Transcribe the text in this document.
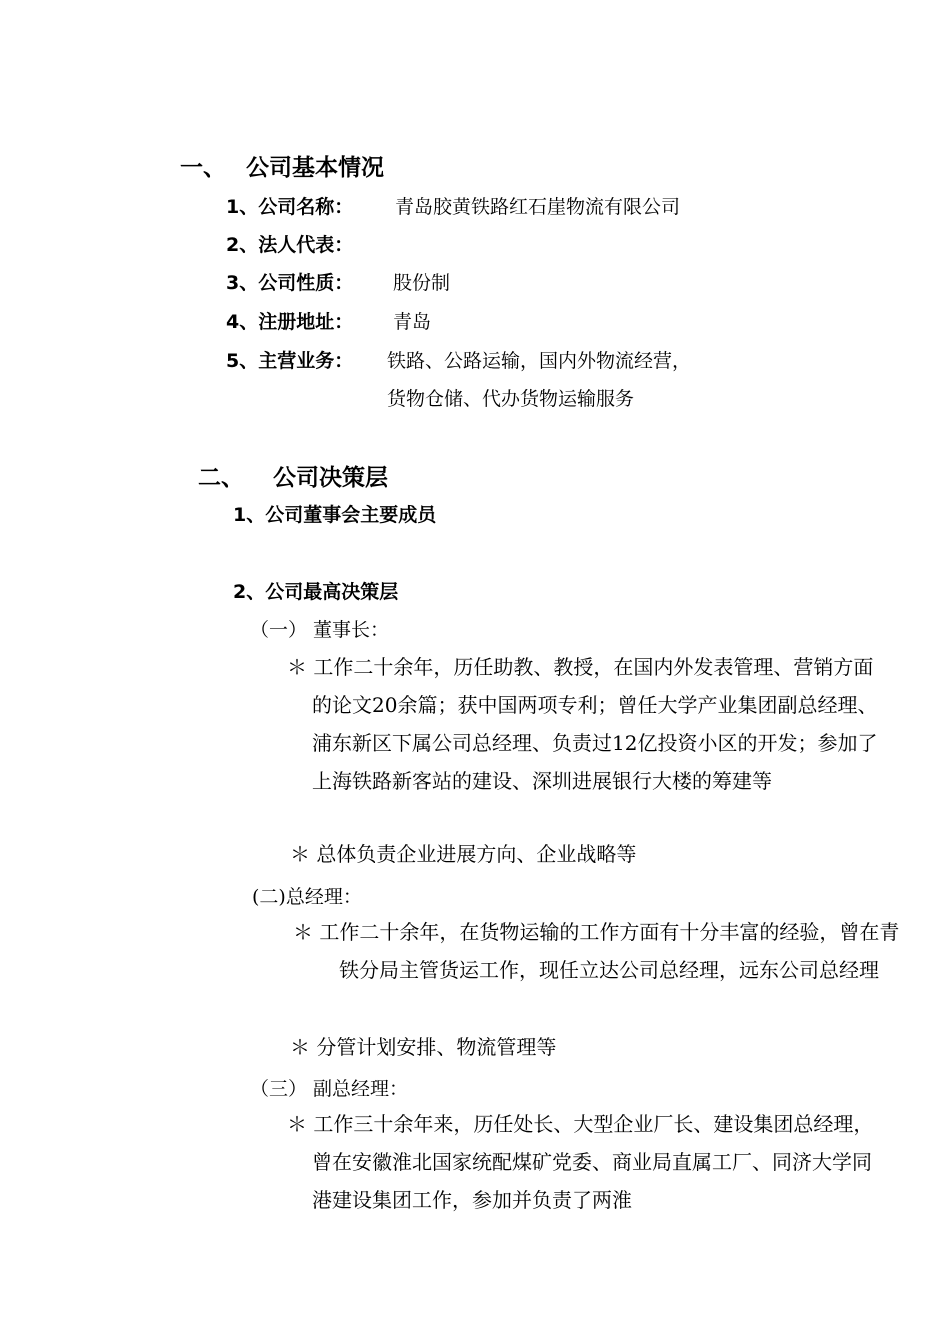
一、 公司基本情况
1、公司名称： 青岛胶黄铁路红石崖物流有限公司
2、法人代表：
3、公司性质： 股份制
4、注册地址： 青岛
5、主营业务： 铁路、公路运输，国内外物流经营，
货物仓储、代办货物运输服务
二、 公司决策层
1、公司董事会主要成员
2、公司最高决策层
（一） 董事长：
＊ 工作二十余年，历任助教、教授，在国内外发表管理、营销方面的论文20余篇；获中国两项专利；曾任大学产业集团副总经理、浦东新区下属公司总经理、负责过12亿投资小区的开发；参加了上海铁路新客站的建设、深圳进展银行大楼的筹建等
＊ 总体负责企业进展方向、企业战略等
(二)总经理：
＊ 工作二十余年，在货物运输的工作方面有十分丰富的经验，曾在青铁分局主管货运工作，现任立达公司总经理，远东公司总经理
＊ 分管计划安排、物流管理等
（三） 副总经理：
＊ 工作三十余年来，历任处长、大型企业厂长、建设集团总经理，曾在安徽淮北国家统配煤矿党委、商业局直属工厂、同济大学同港建设集团工作，参加并负责了两淮
